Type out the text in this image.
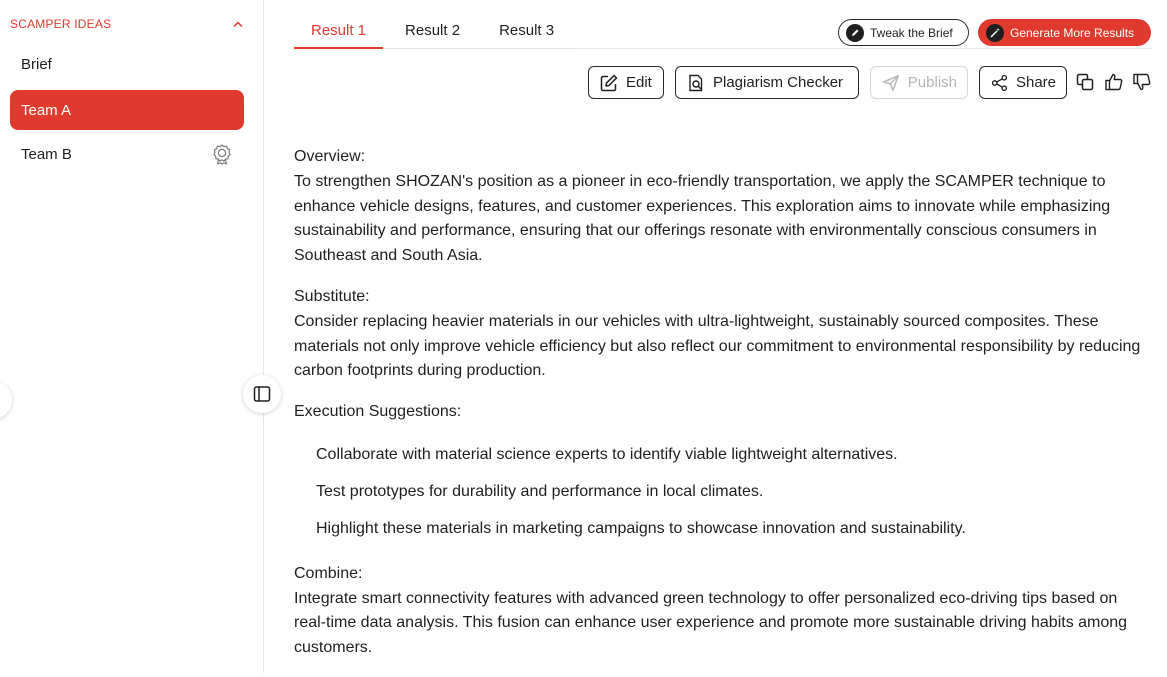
SCAMPER IDEAS
Brief
Team A
Team B
Result 1	Result 2	Result 3	Tweak the Brief	Generate More Results
Edit	Plagiarism Checker	Publish	Share

Overview:

To strengthen SHOZAN's position as a pioneer in eco-friendly transportation, we apply the SCAMPER technique to enhance vehicle designs, features, and customer experiences. This exploration aims to innovate while emphasizing sustainability and performance, ensuring that our offerings resonate with environmentally conscious consumers in Southeast and South Asia.

Substitute:

Consider replacing heavier materials in our vehicles with ultra-lightweight, sustainably sourced composites. These materials not only improve vehicle efficiency but also reflect our commitment to environmental responsibility by reducing carbon footprints during production.

Execution Suggestions:

Collaborate with material science experts to identify viable lightweight alternatives.
Test prototypes for durability and performance in local climates.
Highlight these materials in marketing campaigns to showcase innovation and sustainability.

Combine:

Integrate smart connectivity features with advanced green technology to offer personalized eco-driving tips based on real-time data analysis. This fusion can enhance user experience and promote more sustainable driving habits among customers.
